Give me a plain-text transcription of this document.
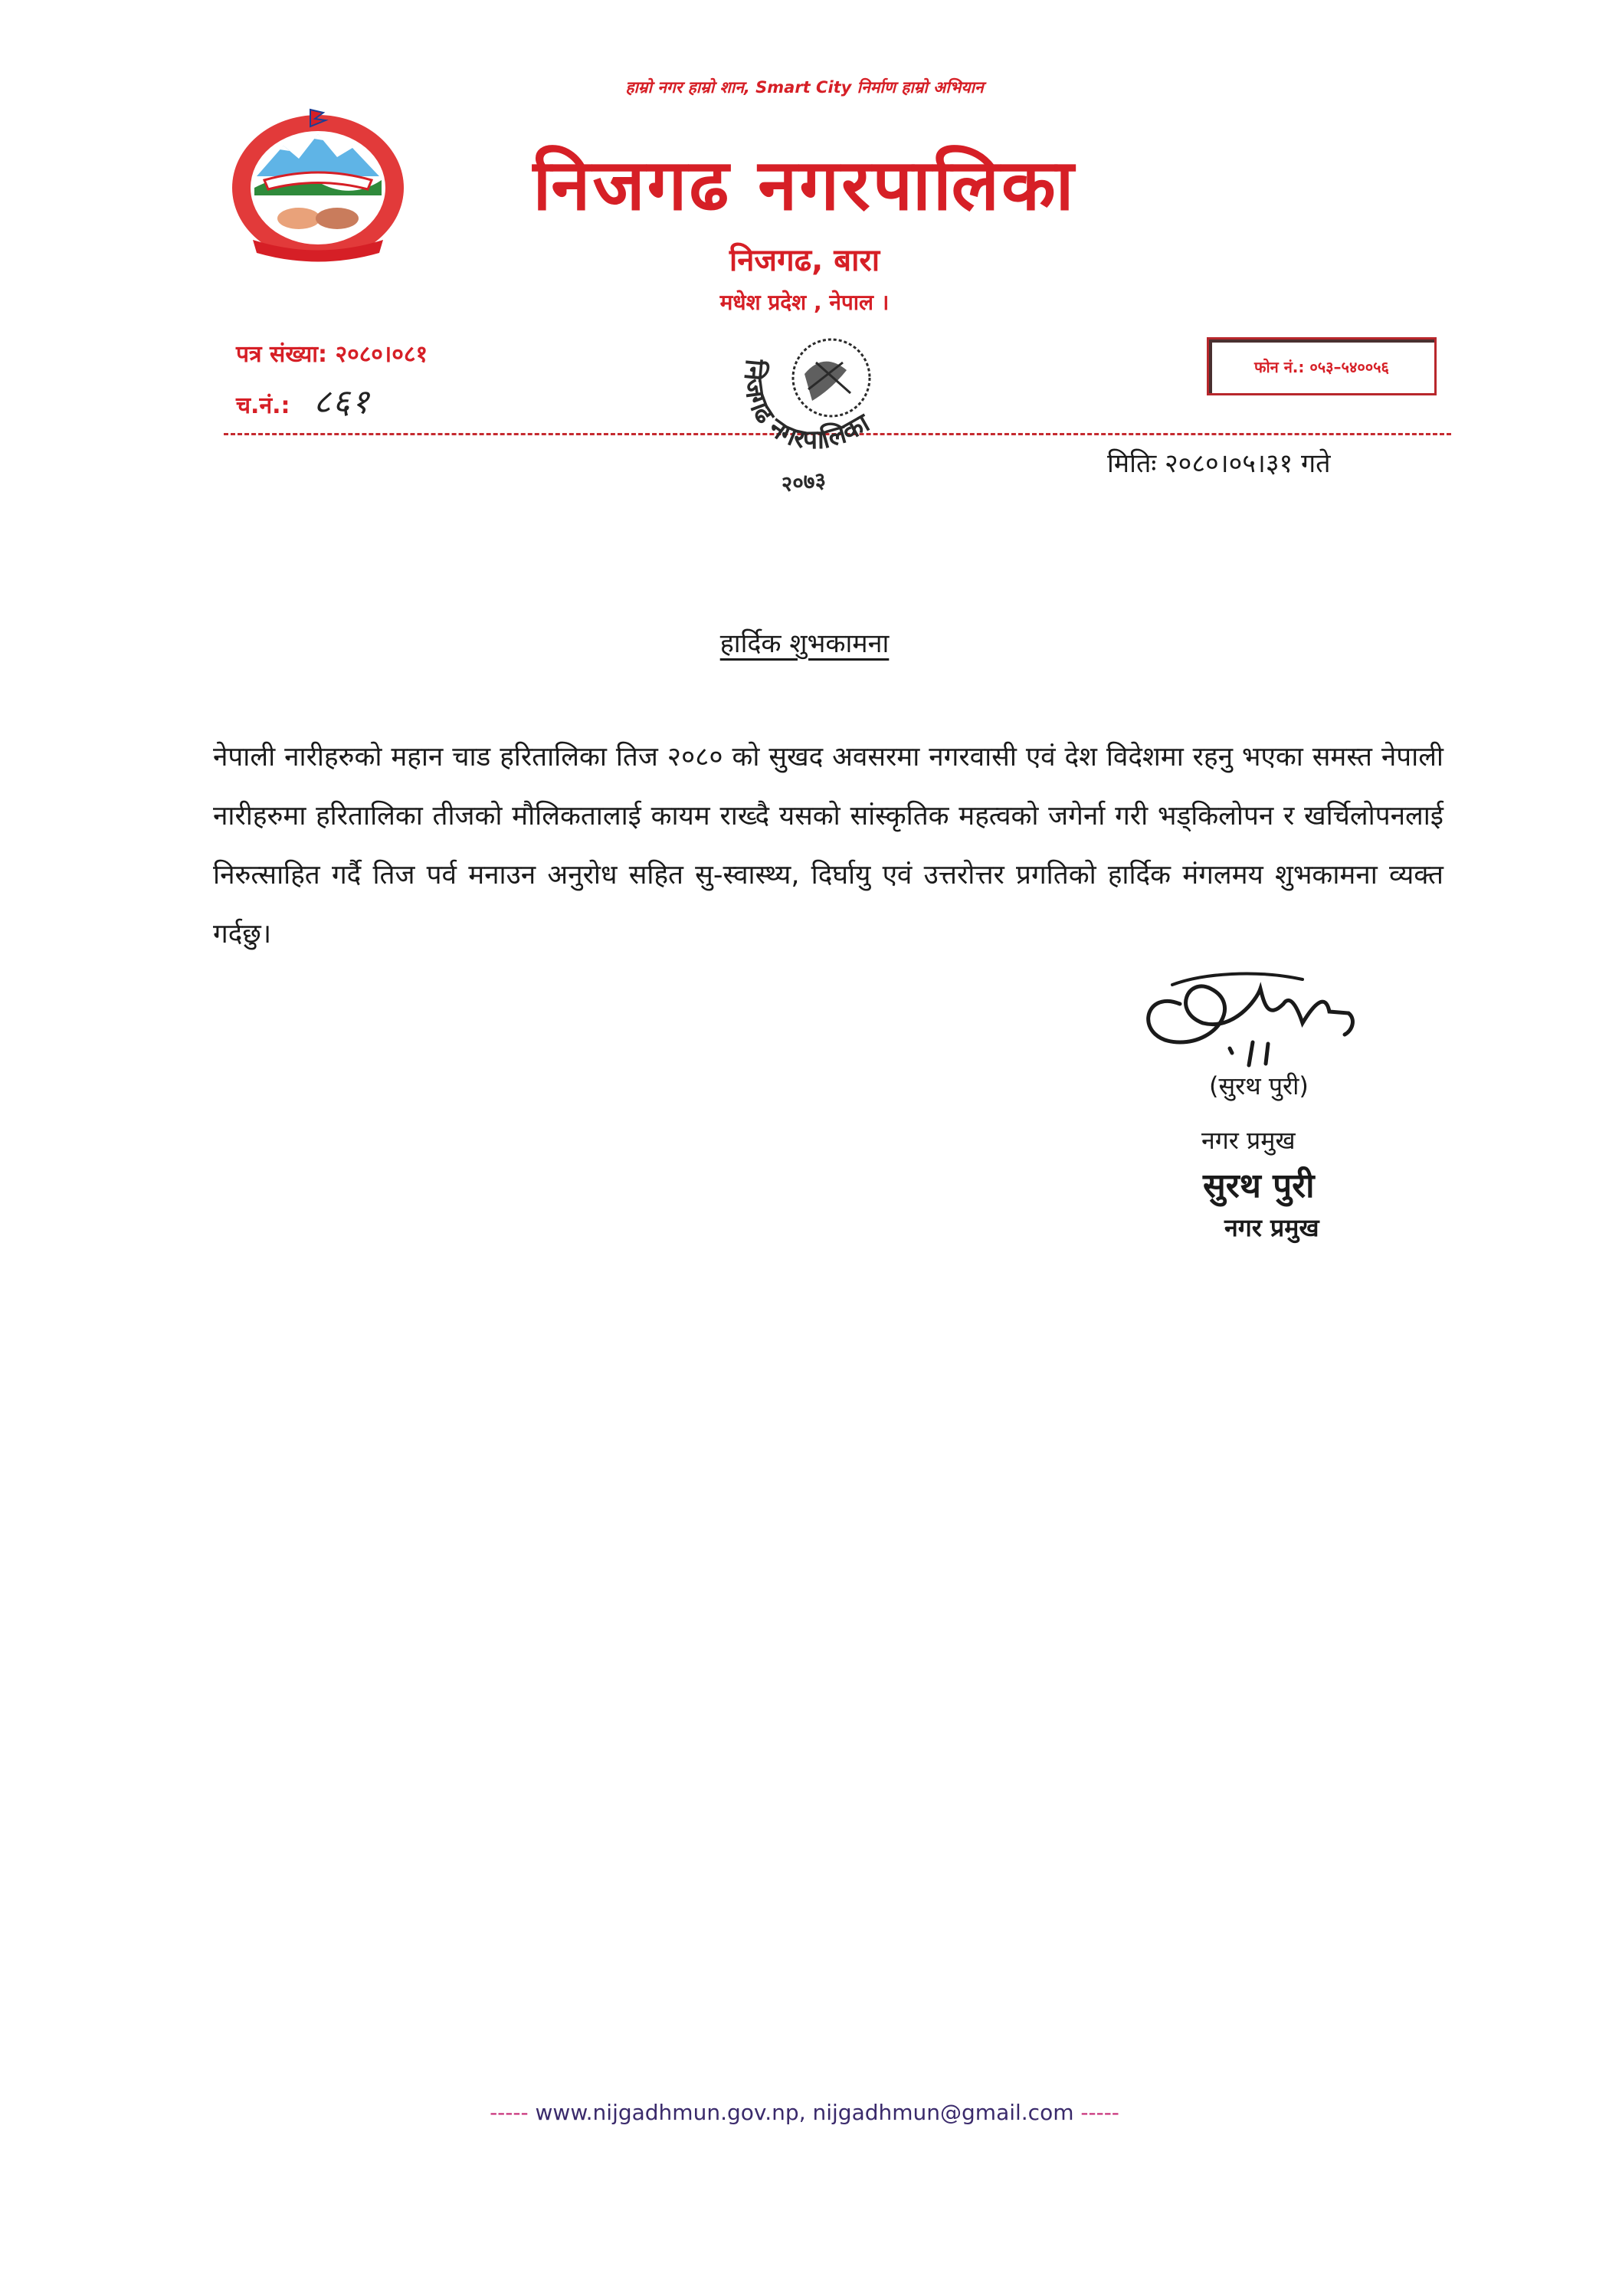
हाम्रो नगर हाम्रो शान, Smart City निर्माण हाम्रो अभियान
निजगढ नगरपालिका
निजगढ, बारा
मधेश प्रदेश , नेपाल ।
पत्र संख्या: २०८०।०८१
च.नं.: ८६१
फोन नं.: ०५३–५४००५६
निजगढ नगरपालिका
२०७३
मितिः २०८०।०५।३१ गते
हार्दिक शुभकामना
नेपाली नारीहरुको महान चाड हरितालिका तिज २०८० को सुखद अवसरमा नगरवासी एवं देश विदेशमा रहनु भएका समस्त नेपाली नारीहरुमा हरितालिका तीजको मौलिकतालाई कायम राख्दै यसको सांस्कृतिक महत्वको जगेर्ना गरी भड्किलोपन र खर्चिलोपनलाई निरुत्साहित गर्दै तिज पर्व मनाउन अनुरोध सहित सु-स्वास्थ्य, दिर्घायु एवं उत्तरोत्तर प्रगतिको हार्दिक मंगलमय शुभकामना व्यक्त गर्दछु।
(सुरथ पुरी)
नगर प्रमुख
सुरथ पुरी
नगर प्रमुख
----- www.nijgadhmun.gov.np, nijgadhmun@gmail.com -----
